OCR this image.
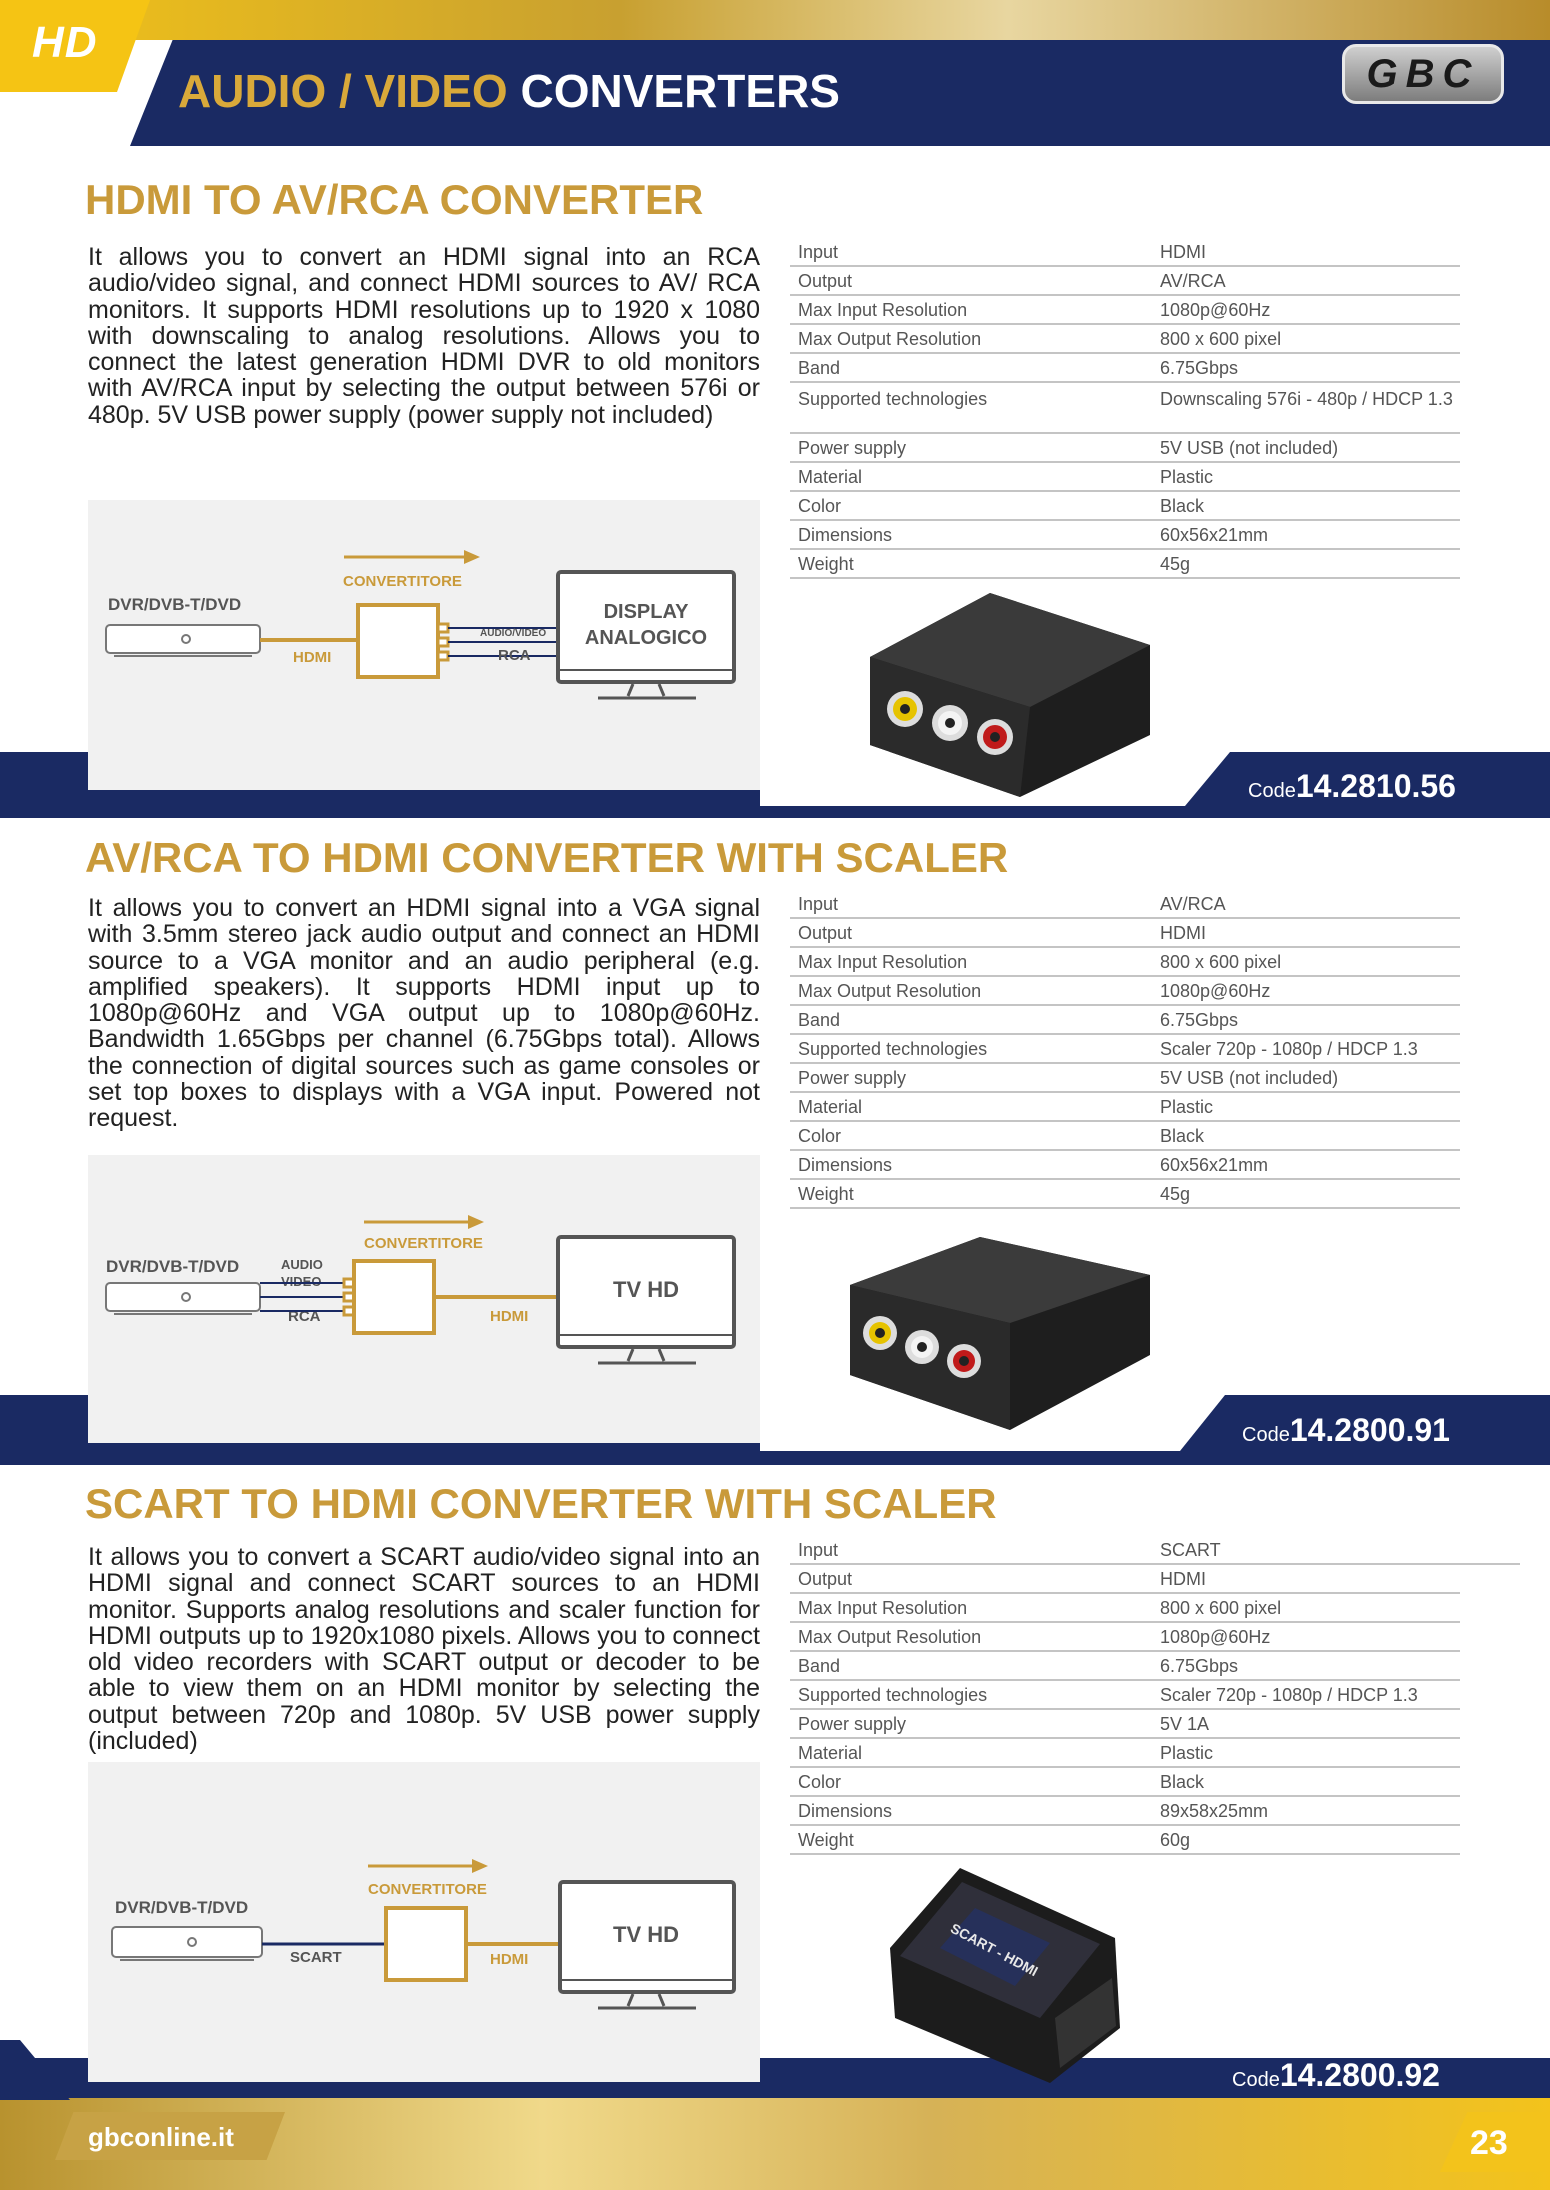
HD
AUDIO / VIDEO CONVERTERS	GBC
HDMI TO AV/RCA CONVERTER
It allows you to convert an HDMI signal into an RCA audio/video signal, and connect HDMI sources to AV/ RCA monitors. It supports HDMI resolutions up to 1920 x 1080 with downscaling to analog resolutions. Allows you to connect the latest generation HDMI DVR to old monitors with AV/RCA input by selecting the output between 576i or 480p. 5V USB power supply (power supply not included)
Input	HDMI
Output	AV/RCA
Max Input Resolution	1080p@60Hz
Max Output Resolution	800 x 600 pixel
Band	6.75Gbps
Supported technologies	Downscaling 576i - 480p / HDCP 1.3
Power supply	5V USB (not included)
Material	Plastic
Color	Black
Dimensions	60x56x21mm
Weight	45g
DVR/DVB-T/DVD
HDMI
CONVERTITORE
AUDIO/VIDEO
RCA
DISPLAY
ANALOGICO
Code14.2810.56
AV/RCA TO HDMI CONVERTER WITH SCALER
It allows you to convert an HDMI signal into a VGA signal with 3.5mm stereo jack audio output and connect an HDMI source to a VGA monitor and an audio peripheral (e.g. amplified speakers). It supports HDMI input up to 1080p@60Hz and VGA output up to 1080p@60Hz. Bandwidth 1.65Gbps per channel (6.75Gbps total). Allows the connection of digital sources such as game consoles or set top boxes to displays with a VGA input. Powered not request.
Input	AV/RCA
Output	HDMI
Max Input Resolution	800 x 600 pixel
Max Output Resolution	1080p@60Hz
Band	6.75Gbps
Supported technologies	Scaler 720p - 1080p / HDCP 1.3
Power supply	5V USB (not included)
Material	Plastic
Color	Black
Dimensions	60x56x21mm
Weight	45g
DVR/DVB-T/DVD	AUDIO
VIDEO
RCA
CONVERTITORE
HDMI
TV HD
Code14.2800.91
SCART TO HDMI CONVERTER WITH SCALER
It allows you to convert a SCART audio/video signal into an HDMI signal and connect SCART sources to an HDMI monitor. Supports analog resolutions and scaler function for HDMI outputs up to 1920x1080 pixels. Allows you to connect old video recorders with SCART output or decoder to be able to view them on an HDMI monitor by selecting the output between 720p and 1080p. 5V USB power supply (included)
Input	SCART
Output	HDMI
Max Input Resolution	800 x 600 pixel
Max Output Resolution	1080p@60Hz
Band	6.75Gbps
Supported technologies	Scaler 720p - 1080p / HDCP 1.3
Power supply	5V 1A
Material	Plastic
Color	Black
Dimensions	89x58x25mm
Weight	60g
DVR/DVB-T/DVD
SCART
CONVERTITORE
HDMI
TV HD	SCART - HDMI
Code14.2800.92
gbconline.it	23
